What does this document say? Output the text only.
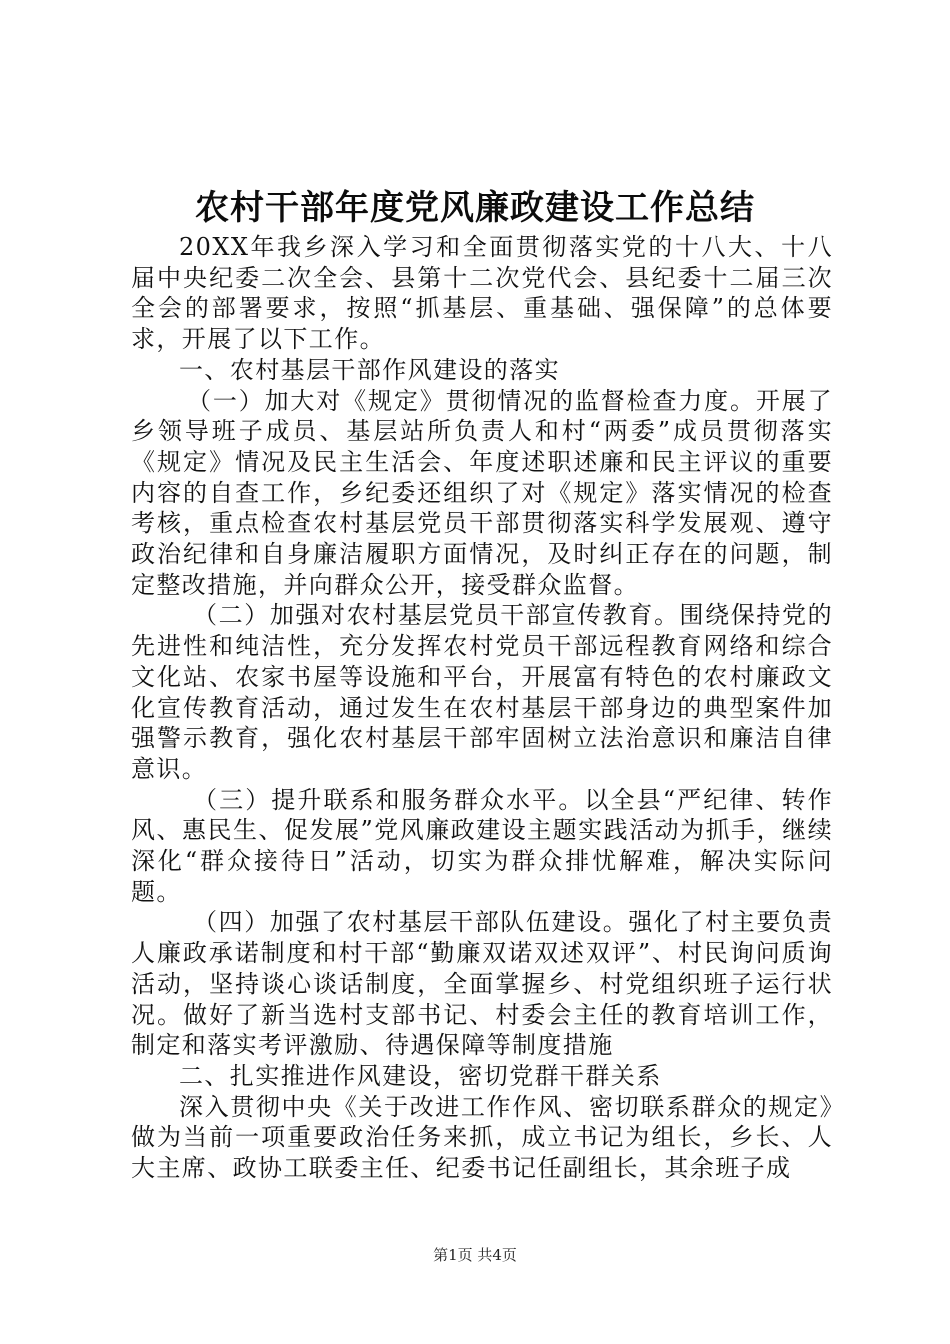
农村干部年度党风廉政建设工作总结

20XX年我乡深入学习和全面贯彻落实党的十八大、十八届中央纪委二次全会、县第十二次党代会、县纪委十二届三次全会的部署要求，按照“抓基层、重基础、强保障”的总体要求，开展了以下工作。

一、农村基层干部作风建设的落实

（一）加大对《规定》贯彻情况的监督检查力度。开展了乡领导班子成员、基层站所负责人和村“两委”成员贯彻落实《规定》情况及民主生活会、年度述职述廉和民主评议的重要内容的自查工作，乡纪委还组织了对《规定》落实情况的检查考核，重点检查农村基层党员干部贯彻落实科学发展观、遵守政治纪律和自身廉洁履职方面情况，及时纠正存在的问题，制定整改措施，并向群众公开，接受群众监督。

（二）加强对农村基层党员干部宣传教育。围绕保持党的先进性和纯洁性，充分发挥农村党员干部远程教育网络和综合文化站、农家书屋等设施和平台，开展富有特色的农村廉政文化宣传教育活动，通过发生在农村基层干部身边的典型案件加强警示教育，强化农村基层干部牢固树立法治意识和廉洁自律意识。

（三）提升联系和服务群众水平。以全县“严纪律、转作风、惠民生、促发展”党风廉政建设主题实践活动为抓手，继续深化“群众接待日”活动，切实为群众排忧解难，解决实际问题。

（四）加强了农村基层干部队伍建设。强化了村主要负责人廉政承诺制度和村干部“勤廉双诺双述双评”、村民询问质询活动，坚持谈心谈话制度，全面掌握乡、村党组织班子运行状况。做好了新当选村支部书记、村委会主任的教育培训工作，制定和落实考评激励、待遇保障等制度措施

二、扎实推进作风建设，密切党群干群关系

深入贯彻中央《关于改进工作作风、密切联系群众的规定》做为当前一项重要政治任务来抓，成立书记为组长，乡长、人大主席、政协工联委主任、纪委书记任副组长，其余班子成

第1页 共4页
